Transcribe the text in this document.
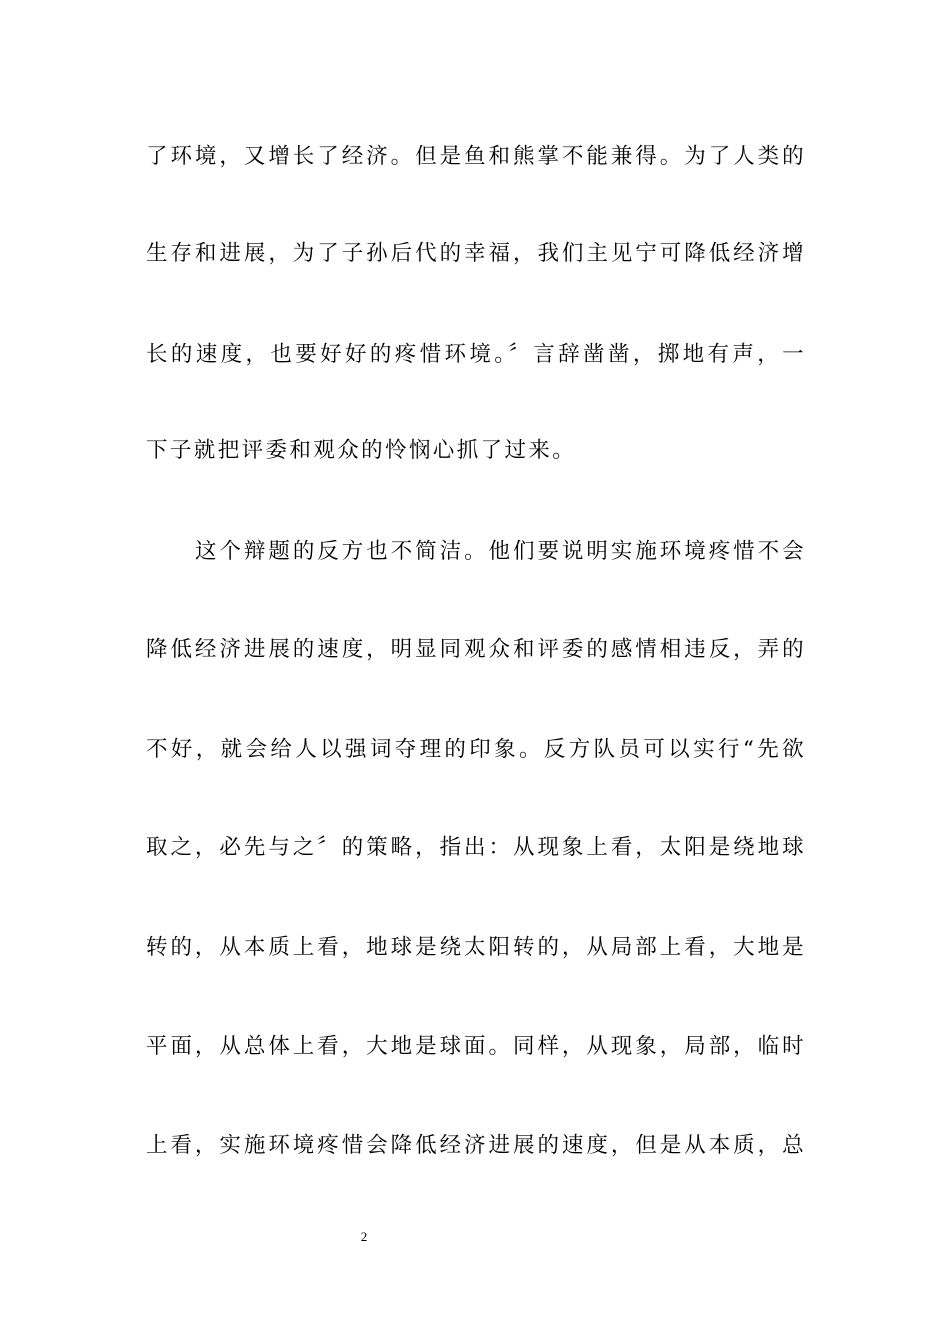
了环境，又增长了经济。但是鱼和熊掌不能兼得。为了人类的
生存和进展，为了子孙后代的幸福，我们主见宁可降低经济增
长的速度，也要好好的疼惜环境。〞言辞凿凿，掷地有声，一
下子就把评委和观众的怜悯心抓了过来。
这个辩题的反方也不简洁。他们要说明实施环境疼惜不会
降低经济进展的速度，明显同观众和评委的感情相违反，弄的
不好，就会给人以强词夺理的印象。反方队员可以实行“先欲
取之，必先与之〞的策略，指出：从现象上看，太阳是绕地球
转的，从本质上看，地球是绕太阳转的，从局部上看，大地是
平面，从总体上看，大地是球面。同样，从现象，局部，临时
上看，实施环境疼惜会降低经济进展的速度，但是从本质，总
2
